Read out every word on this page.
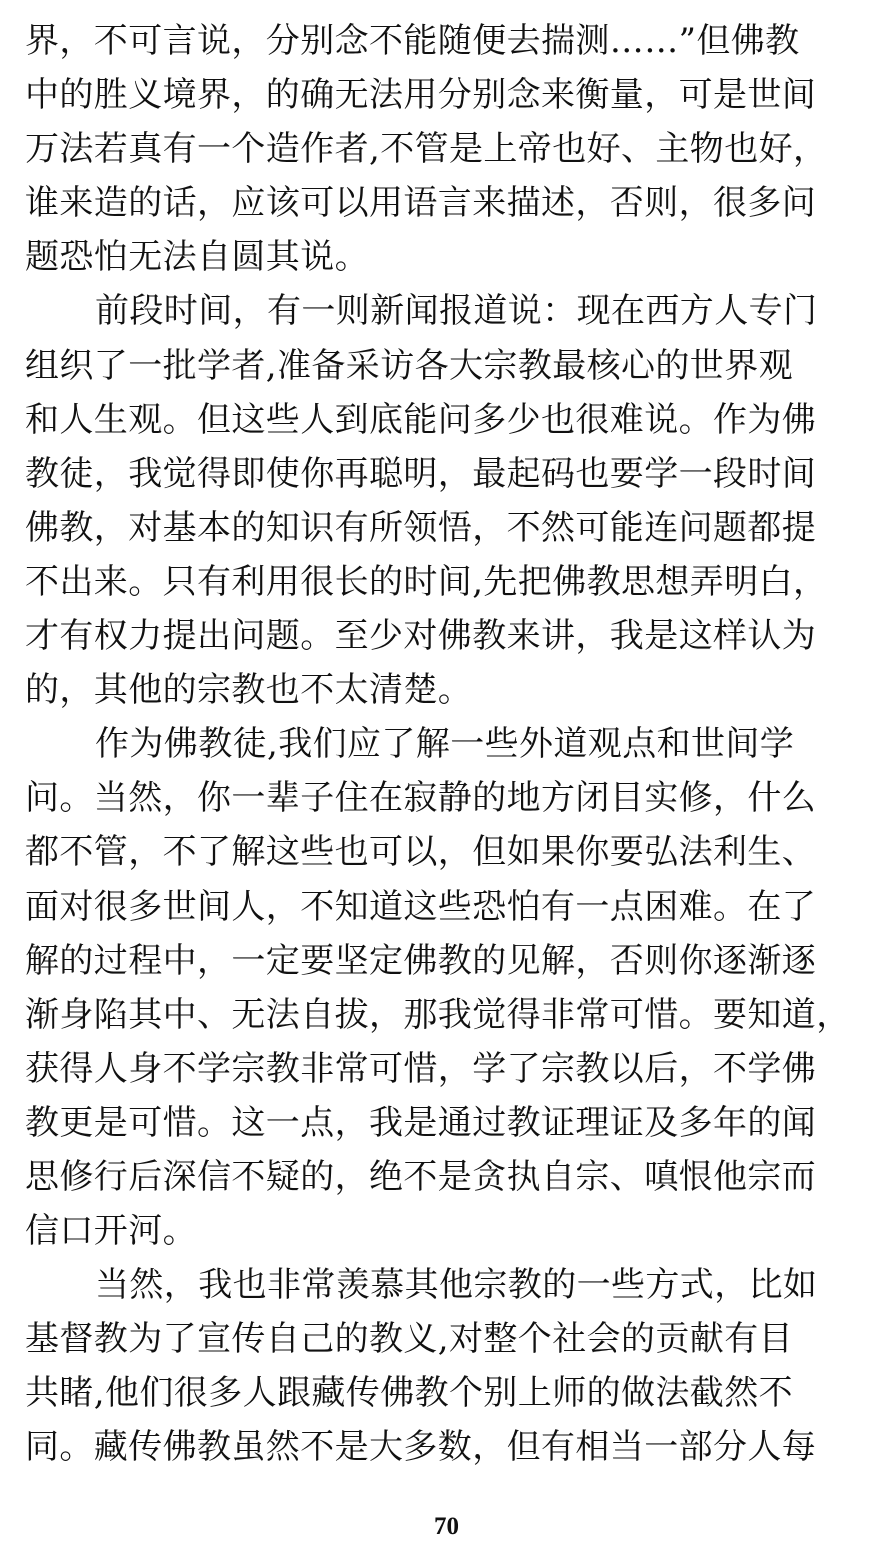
界，不可言说，分别念不能随便去揣测……”但佛教
中的胜义境界，的确无法用分别念来衡量，可是世间
万法若真有一个造作者,不管是上帝也好、主物也好，
谁来造的话，应该可以用语言来描述，否则，很多问
题恐怕无法自圆其说。
前段时间，有一则新闻报道说：现在西方人专门
组织了一批学者,准备采访各大宗教最核心的世界观
和人生观。但这些人到底能问多少也很难说。作为佛
教徒，我觉得即使你再聪明，最起码也要学一段时间
佛教，对基本的知识有所领悟，不然可能连问题都提
不出来。只有利用很长的时间,先把佛教思想弄明白，
才有权力提出问题。至少对佛教来讲，我是这样认为
的，其他的宗教也不太清楚。
作为佛教徒,我们应了解一些外道观点和世间学
问。当然，你一辈子住在寂静的地方闭目实修，什么
都不管，不了解这些也可以，但如果你要弘法利生、
面对很多世间人，不知道这些恐怕有一点困难。在了
解的过程中，一定要坚定佛教的见解，否则你逐渐逐
渐身陷其中、无法自拔，那我觉得非常可惜。要知道，
获得人身不学宗教非常可惜，学了宗教以后，不学佛
教更是可惜。这一点，我是通过教证理证及多年的闻
思修行后深信不疑的，绝不是贪执自宗、嗔恨他宗而
信口开河。
当然，我也非常羡慕其他宗教的一些方式，比如
基督教为了宣传自己的教义,对整个社会的贡献有目
共睹,他们很多人跟藏传佛教个别上师的做法截然不
同。藏传佛教虽然不是大多数，但有相当一部分人每
70
